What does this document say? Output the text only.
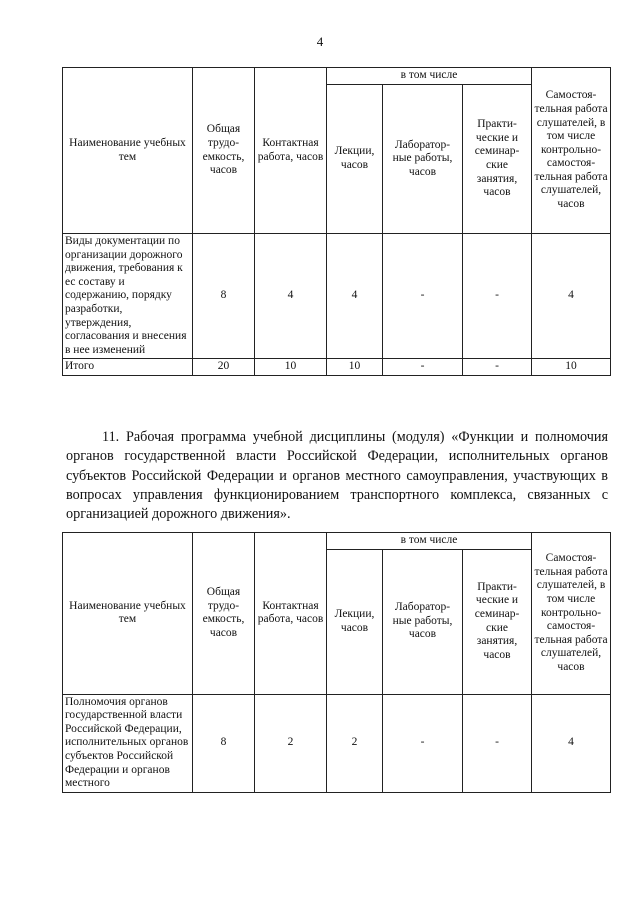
4
Наименование учебных тем	Общая трудо- емкость, часов	Контактная работа, часов	в том числе			Самостоя- тельная работа слушателей, в том числе контрольно- самостоя- тельная работа слушателей, часов
			Лекции, часов	Лаборатор- ные работы, часов	Практи- ческие и семинар- ские занятия, часов	
Виды документации по организации дорожного движения, требования к ес составу и содержанию, порядку разработки, утверждения, согласования и внесения в нее изменений	8	4	4	-	-	4
Итого	20	10	10	-	-	10

11. Рабочая программа учебной дисциплины (модуля) «Функции и полномочия органов государственной власти Российской Федерации, исполнительных органов субъектов Российской Федерации и органов местного самоуправления, участвующих в вопросах управления функционированием транспортного комплекса, связанных с организацией дорожного движения».

Наименование учебных тем	Общая трудо- емкость, часов	Контактная работа, часов	в том числе			Самостоя- тельная работа слушателей, в том числе контрольно- самостоя- тельная работа слушателей, часов
			Лекции, часов	Лаборатор- ные работы, часов	Практи- ческие и семинар- ские занятия, часов	
Полномочия органов государственной власти Российской Федерации, исполнительных органов субъектов Российской Федерации и органов местного	8	2	2	-	-	4
